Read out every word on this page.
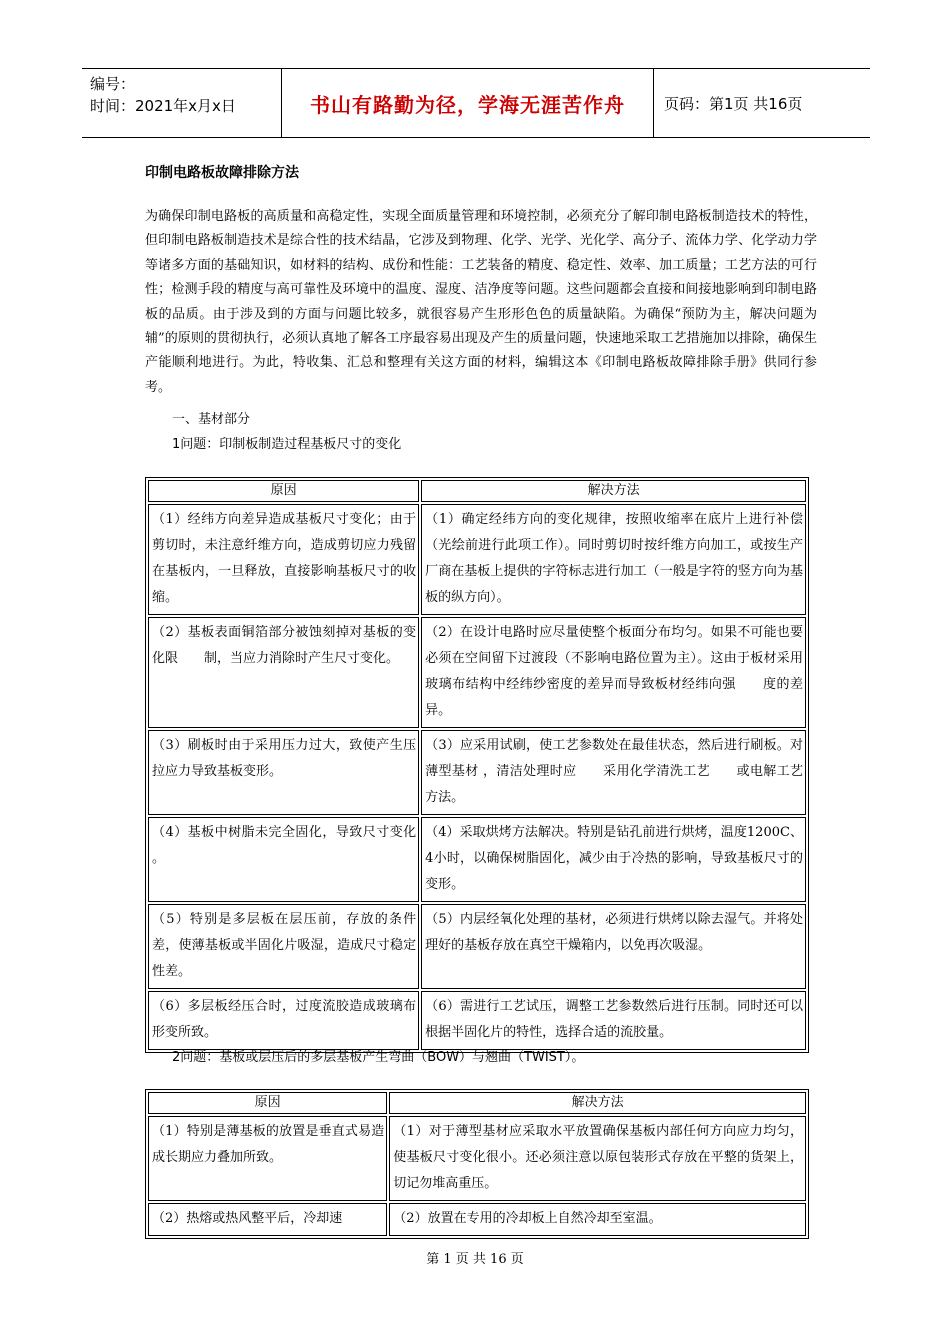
编号：
时间：2021年x月x日	书山有路勤为径，学海无涯苦作舟	页码：第1页 共16页
印制电路板故障排除方法
为确保印制电路板的高质量和高稳定性，实现全面质量管理和环境控制，必须充分了解印制电路板制造技术的特性，但印制电路板制造技术是综合性的技术结晶，它涉及到物理、化学、光学、光化学、高分子、流体力学、化学动力学等诸多方面的基础知识，如材料的结构、成份和性能：工艺装备的精度、稳定性、效率、加工质量；工艺方法的可行性；检测手段的精度与高可靠性及环境中的温度、湿度、洁净度等问题。这些问题都会直接和间接地影响到印制电路板的品质。由于涉及到的方面与问题比较多，就很容易产生形形色色的质量缺陷。为确保“预防为主，解决问题为辅”的原则的贯彻执行，必须认真地了解各工序最容易出现及产生的质量问题，快速地采取工艺措施加以排除，确保生产能顺利地进行。为此，特收集、汇总和整理有关这方面的材料，编辑这本《印制电路板故障排除手册》供同行参考。
一、基材部分
1问题：印制板制造过程基板尺寸的变化
原因	解决方法
（1）经纬方向差异造成基板尺寸变化；由于剪切时，未注意纤维方向，造成剪切应力残留在基板内，一旦释放，直接影响基板尺寸的收缩。	（1）确定经纬方向的变化规律，按照收缩率在底片上进行补偿（光绘前进行此项工作）。同时剪切时按纤维方向加工，或按生产厂商在基板上提供的字符标志进行加工（一般是字符的竖方向为基板的纵方向）。
（2）基板表面铜箔部分被蚀刻掉对基板的变化限　　制，当应力消除时产生尺寸变化。	（2）在设计电路时应尽量使整个板面分布均匀。如果不可能也要必须在空间留下过渡段（不影响电路位置为主）。这由于板材采用玻璃布结构中经纬纱密度的差异而导致板材经纬向强　　度的差异。
（3）刷板时由于采用压力过大，致使产生压拉应力导致基板变形。	（3）应采用试刷，使工艺参数处在最佳状态，然后进行刷板。对薄型基材 ，清洁处理时应　　采用化学清洗工艺　　或电解工艺方法。
（4）基板中树脂未完全固化，导致尺寸变化 。	（4）采取烘烤方法解决。特别是钻孔前进行烘烤，温度1200C、4小时，以确保树脂固化，减少由于冷热的影响，导致基板尺寸的变形。
（5）特别是多层板在层压前，存放的条件差，使薄基板或半固化片吸湿，造成尺寸稳定性差。	（5）内层经氧化处理的基材，必须进行烘烤以除去湿气。并将处理好的基板存放在真空干燥箱内，以免再次吸湿。
（6）多层板经压合时，过度流胶造成玻璃布形变所致。	（6）需进行工艺试压，调整工艺参数然后进行压制。同时还可以根据半固化片的特性，选择合适的流胶量。
2问题：基板或层压后的多层基板产生弯曲（BOW）与翘曲（TWIST）。
原因	解决方法
（1）特别是薄基板的放置是垂直式易造成长期应力叠加所致。	（1）对于薄型基材应采取水平放置确保基板内部任何方向应力均匀，使基板尺寸变化很小。还必须注意以原包装形式存放在平整的货架上，切记勿堆高重压。
（2）热熔或热风整平后，冷却速	（2）放置在专用的冷却板上自然冷却至室温。
第 1 页 共 16 页
